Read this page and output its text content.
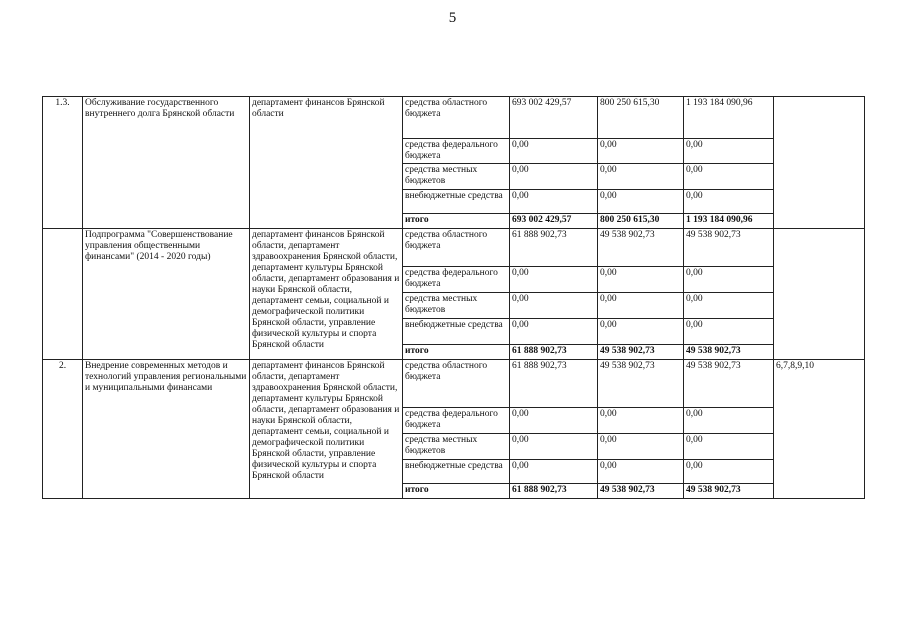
5
1.3.	Обслуживание государственного внутреннего долга Брянской области	департамент финансов Брянской области	средства областного бюджета	693 002 429,57	800 250 615,30	1 193 184 090,96	
			средства федерального бюджета	0,00	0,00	0,00	
			средства местных бюджетов	0,00	0,00	0,00	
			внебюджетные средства	0,00	0,00	0,00	
			итого	693 002 429,57	800 250 615,30	1 193 184 090,96	
	Подпрограмма "Совершенствование управления общественными финансами" (2014 - 2020 годы)	департамент финансов Брянской области, департамент здравоохранения Брянской области, департамент культуры Брянской области, департамент образования и науки Брянской области, департамент семьи, социальной и демографической политики Брянской области, управление физической культуры и спорта Брянской области	средства областного бюджета	61 888 902,73	49 538 902,73	49 538 902,73	
			средства федерального бюджета	0,00	0,00	0,00	
			средства местных бюджетов	0,00	0,00	0,00	
			внебюджетные средства	0,00	0,00	0,00	
			итого	61 888 902,73	49 538 902,73	49 538 902,73	
2.	Внедрение современных методов и технологий управления региональными и муниципальными финансами	департамент финансов Брянской области, департамент здравоохранения Брянской области, департамент культуры Брянской области, департамент образования и науки Брянской области, департамент семьи, социальной и демографической политики Брянской области, управление физической культуры и спорта Брянской области	средства областного бюджета	61 888 902,73	49 538 902,73	49 538 902,73	6,7,8,9,10
			средства федерального бюджета	0,00	0,00	0,00	
			средства местных бюджетов	0,00	0,00	0,00	
			внебюджетные средства	0,00	0,00	0,00	
			итого	61 888 902,73	49 538 902,73	49 538 902,73	
